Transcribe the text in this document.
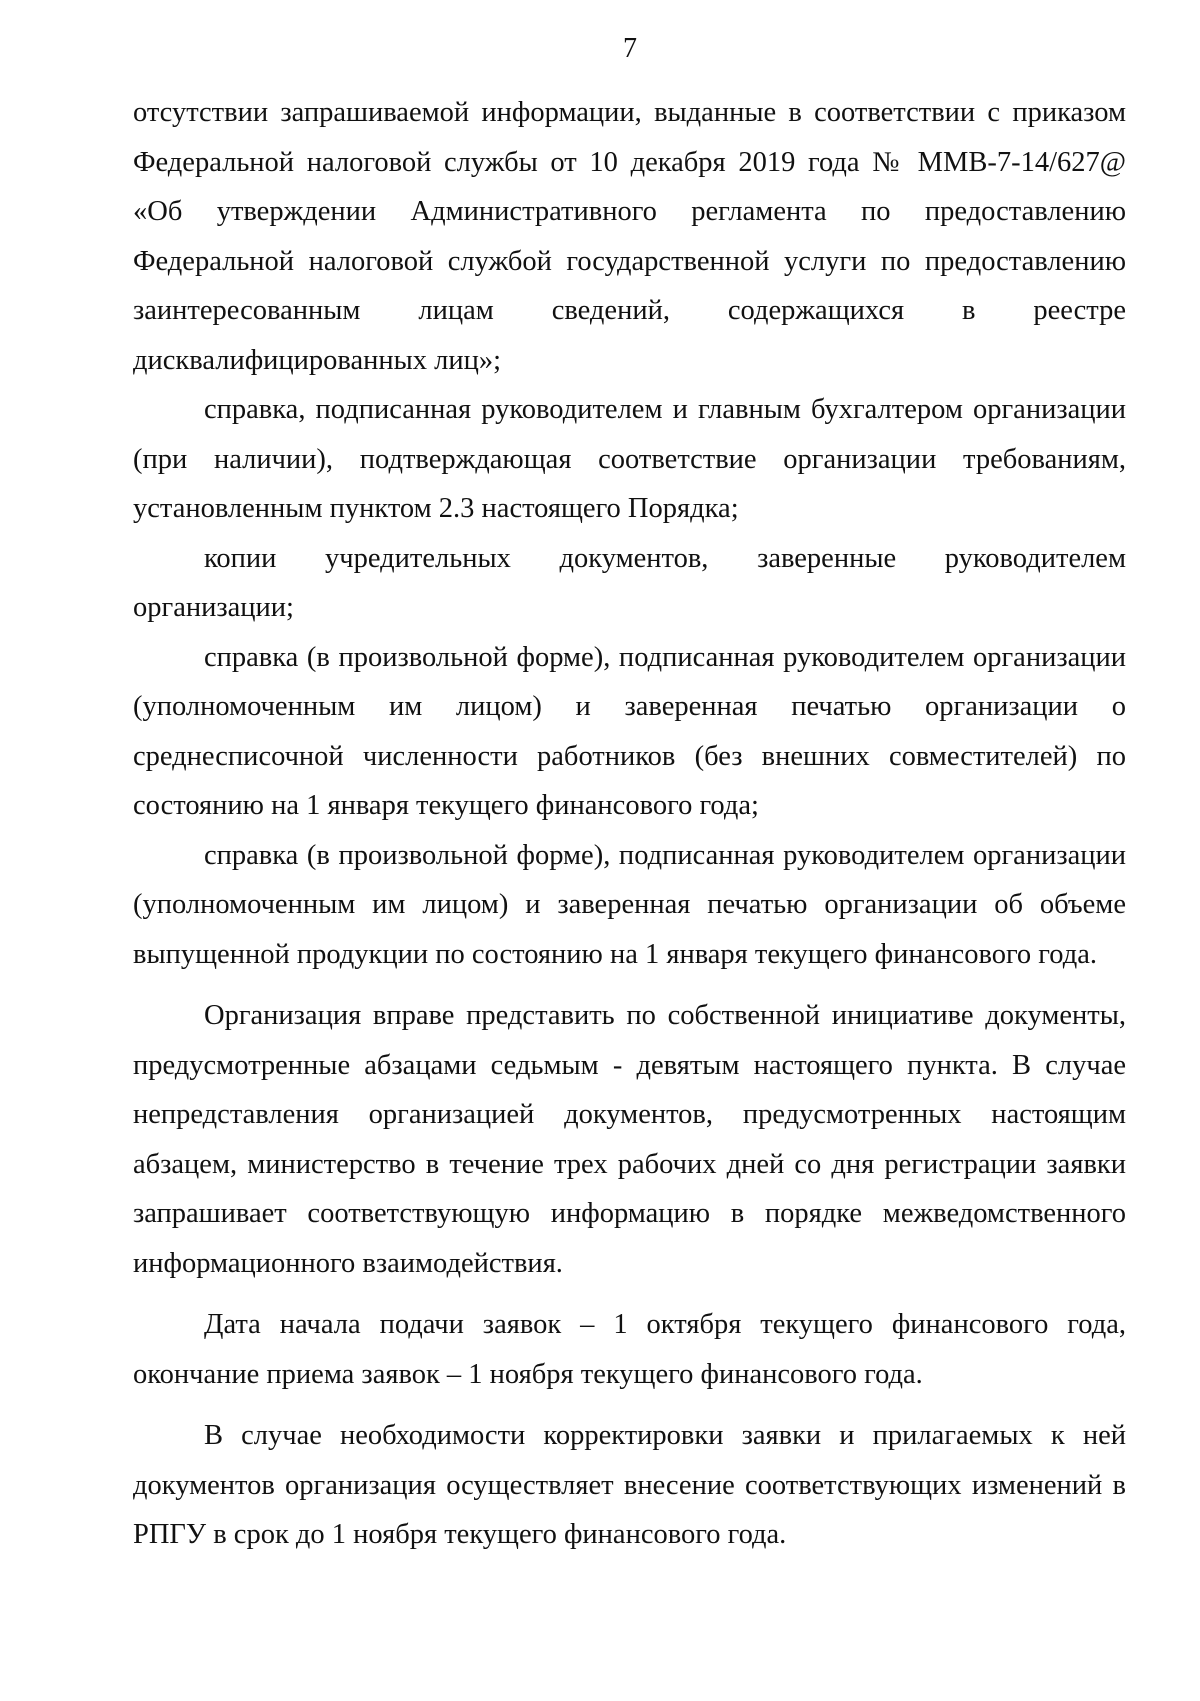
7

отсутствии запрашиваемой информации, выданные в соответствии с приказом Федеральной налоговой службы от 10 декабря 2019 года № ММВ-7-14/627@ «Об утверждении Административного регламента по предоставлению Федеральной налоговой службой государственной услуги по предоставлению заинтересованным лицам сведений, содержащихся в реестре дисквалифицированных лиц»;

справка, подписанная руководителем и главным бухгалтером организации (при наличии), подтверждающая соответствие организации требованиям, установленным пунктом 2.3 настоящего Порядка;

копии учредительных документов, заверенные руководителем организации;

справка (в произвольной форме), подписанная руководителем организации (уполномоченным им лицом) и заверенная печатью организации о среднесписочной численности работников (без внешних совместителей) по состоянию на 1 января текущего финансового года;

справка (в произвольной форме), подписанная руководителем организации (уполномоченным им лицом) и заверенная печатью организации об объеме выпущенной продукции по состоянию на 1 января текущего финансового года.

Организация вправе представить по собственной инициативе документы, предусмотренные абзацами седьмым - девятым настоящего пункта. В случае непредставления организацией документов, предусмотренных настоящим абзацем, министерство в течение трех рабочих дней со дня регистрации заявки запрашивает соответствующую информацию в порядке межведомственного информационного взаимодействия.

Дата начала подачи заявок – 1 октября текущего финансового года, окончание приема заявок – 1 ноября текущего финансового года.

В случае необходимости корректировки заявки и прилагаемых к ней документов организация осуществляет внесение соответствующих изменений в РПГУ в срок до 1 ноября текущего финансового года.
